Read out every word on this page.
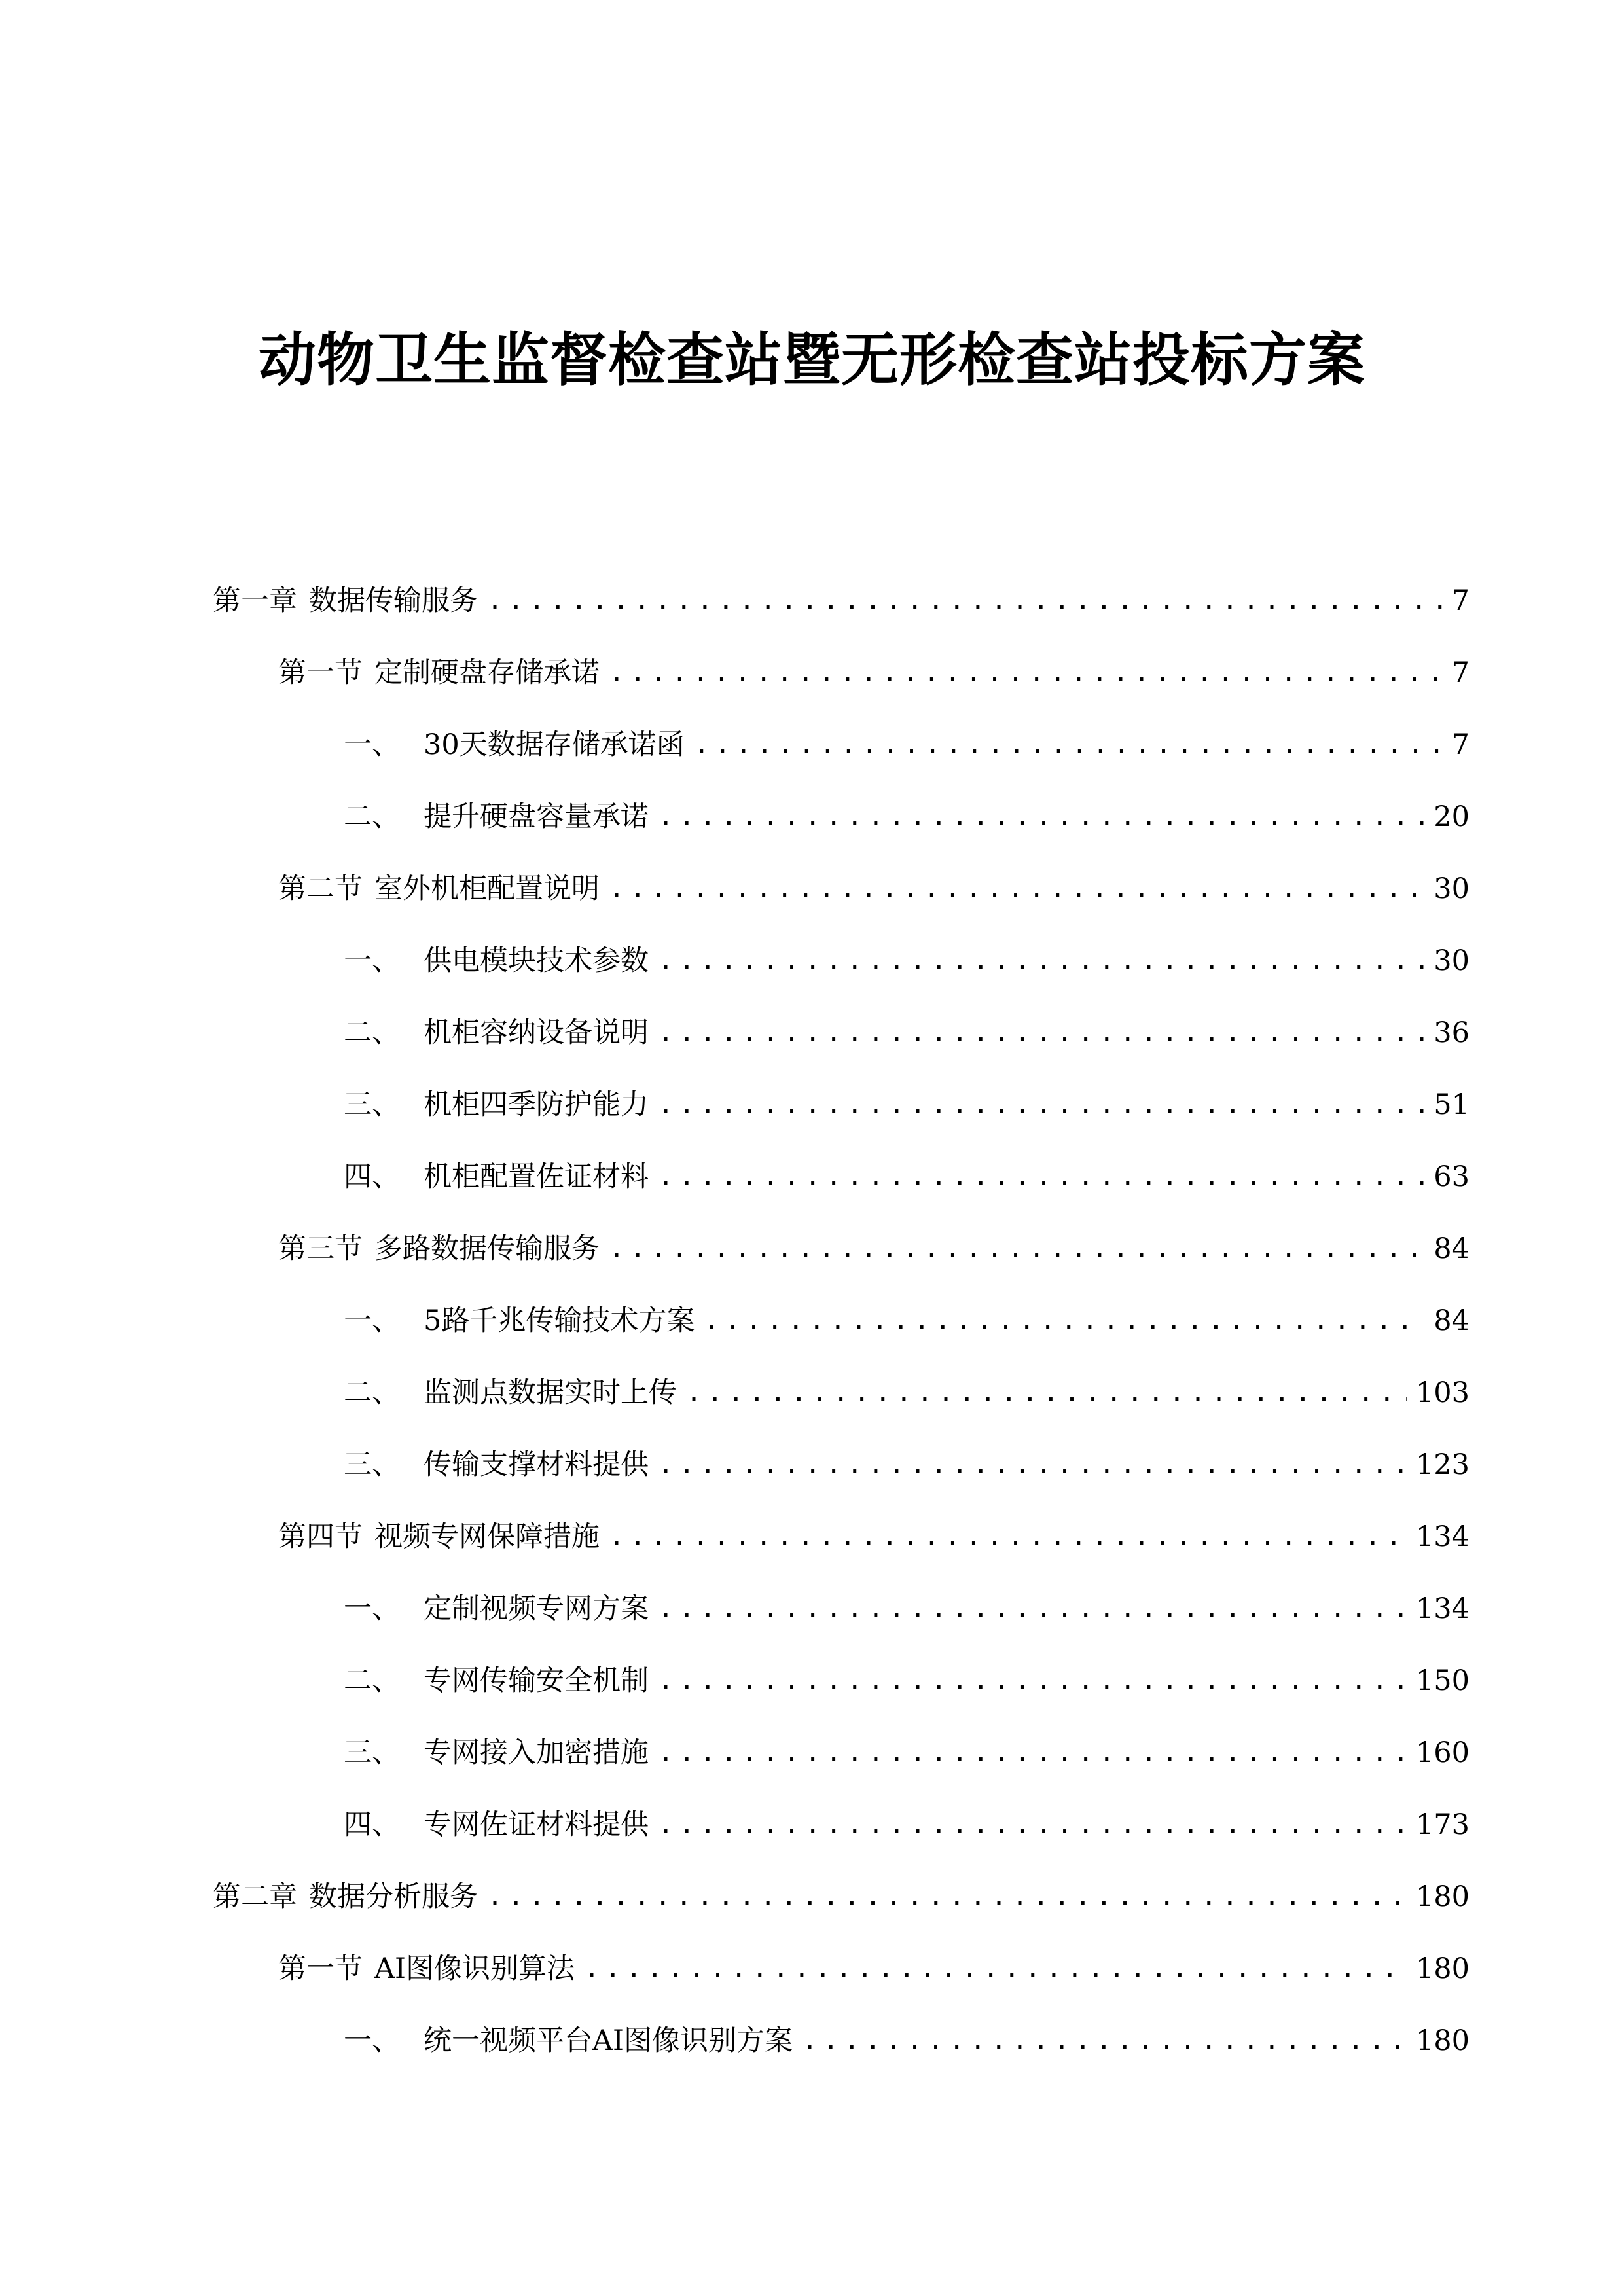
动物卫生监督检查站暨无形检查站投标方案
第一章 数据传输服务 .....	7
第一节 定制硬盘存储承诺 .....	7
一、 30天数据存储承诺函 .....	7
二、 提升硬盘容量承诺 .....	20
第二节 室外机柜配置说明 .....	30
一、 供电模块技术参数 .....	30
二、 机柜容纳设备说明 .....	36
三、 机柜四季防护能力 .....	51
四、 机柜配置佐证材料 .....	63
第三节 多路数据传输服务 .....	84
一、 5路千兆传输技术方案 .....	84
二、 监测点数据实时上传 .....	103
三、 传输支撑材料提供 .....	123
第四节 视频专网保障措施 .....	134
一、 定制视频专网方案 .....	134
二、 专网传输安全机制 .....	150
三、 专网接入加密措施 .....	160
四、 专网佐证材料提供 .....	173
第二章 数据分析服务 .....	180
第一节 AI图像识别算法 .....	180
一、 统一视频平台AI图像识别方案 .....	180
